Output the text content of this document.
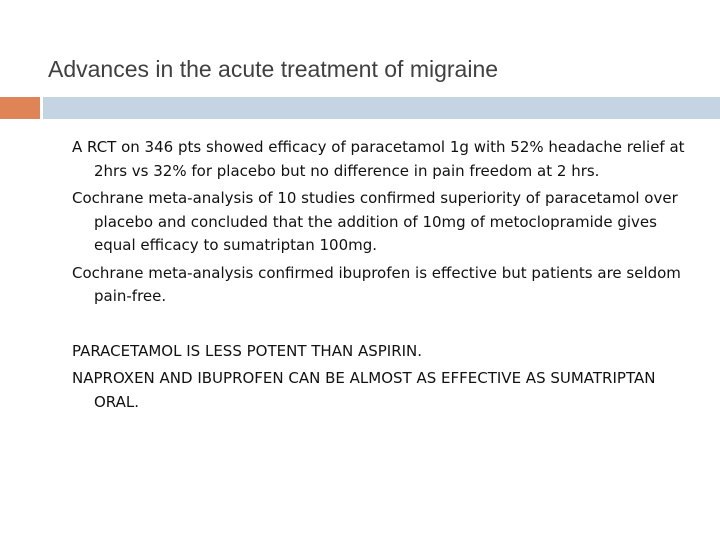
Advances in the acute treatment of migraine

A RCT on 346 pts showed efficacy of paracetamol 1g with 52% headache relief at 2hrs vs 32% for placebo but no difference in pain freedom at 2 hrs.

Cochrane meta-analysis of 10 studies confirmed superiority of paracetamol over placebo and concluded that the addition of 10mg of metoclopramide gives equal efficacy to sumatriptan 100mg.

Cochrane meta-analysis confirmed ibuprofen is effective but patients are seldom pain-free.

PARACETAMOL IS LESS POTENT THAN ASPIRIN.

NAPROXEN AND IBUPROFEN CAN BE ALMOST AS EFFECTIVE AS SUMATRIPTAN ORAL.
